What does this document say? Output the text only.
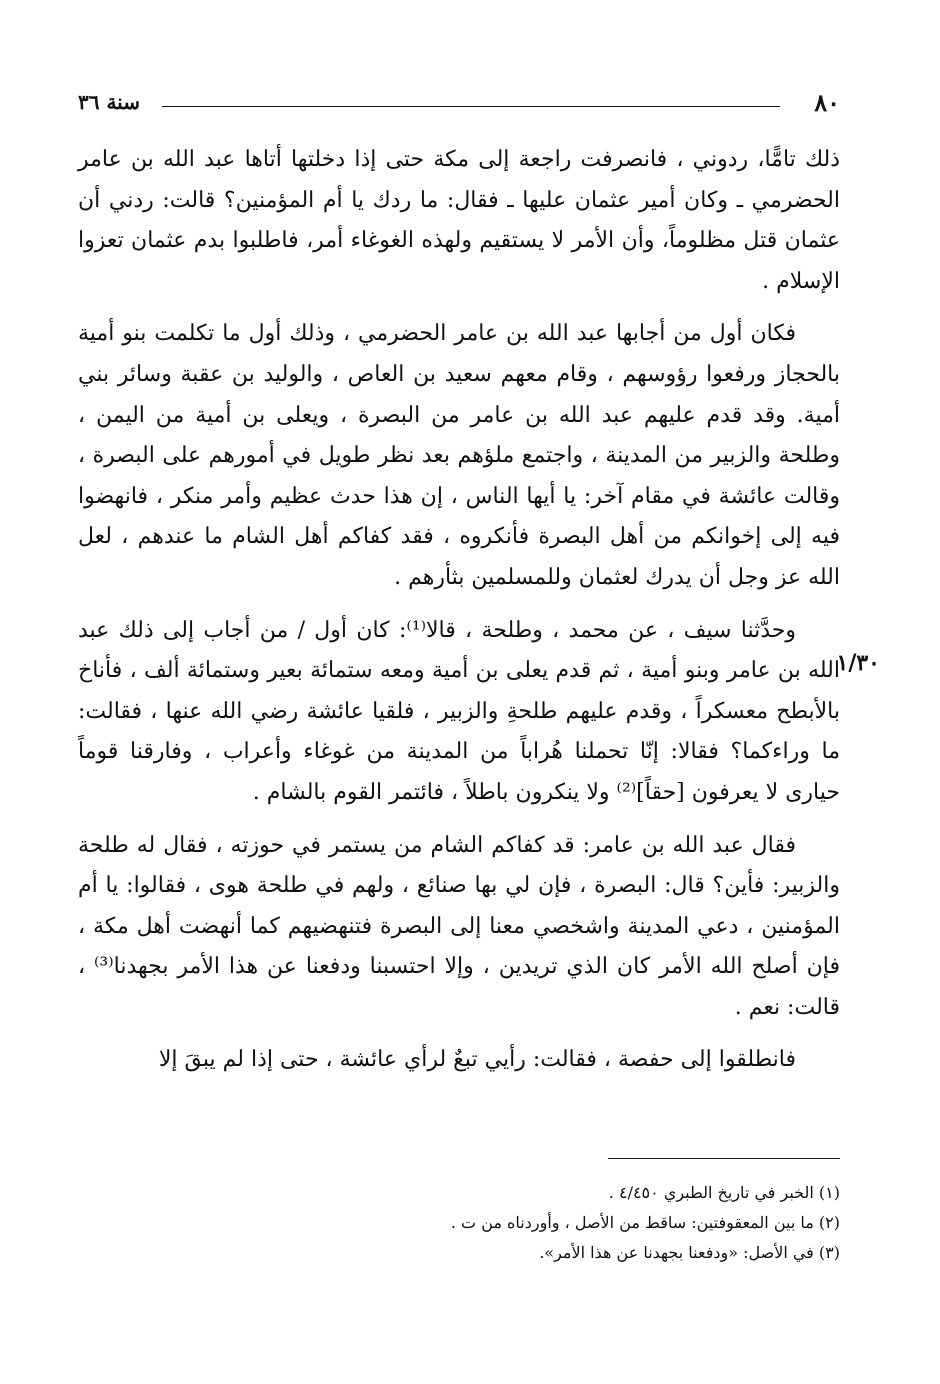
٨٠
سنة ٣٦
١/٣٠

ذلك تامًّا، ردوني ، فانصرفت راجعة إلى مكة حتى إذا دخلتها أتاها عبد الله بن عامر الحضرمي ـ وكان أمير عثمان عليها ـ فقال: ما ردك يا أم المؤمنين؟ قالت: ردني أن عثمان قتل مظلوماً، وأن الأمر لا يستقيم ولهذه الغوغاء أمر، فاطلبوا بدم عثمان تعزوا الإسلام .

فكان أول من أجابها عبد الله بن عامر الحضرمي ، وذلك أول ما تكلمت بنو أمية بالحجاز ورفعوا رؤوسهم ، وقام معهم سعيد بن العاص ، والوليد بن عقبة وسائر بني أمية. وقد قدم عليهم عبد الله بن عامر من البصرة ، ويعلى بن أمية من اليمن ، وطلحة والزبير من المدينة ، واجتمع ملؤهم بعد نظر طويل في أمورهم على البصرة ، وقالت عائشة في مقام آخر: يا أيها الناس ، إن هذا حدث عظيم وأمر منكر ، فانهضوا فيه إلى إخوانكم من أهل البصرة فأنكروه ، فقد كفاكم أهل الشام ما عندهم ، لعل الله عز وجل أن يدرك لعثمان وللمسلمين بثأرهم .

وحدَّثنا سيف ، عن محمد ، وطلحة ، قالا⁽¹⁾: كان أول / من أجاب إلى ذلك عبد الله بن عامر وبنو أمية ، ثم قدم يعلى بن أمية ومعه ستمائة بعير وستمائة ألف ، فأناخ بالأبطح معسكراً ، وقدم عليهم طلحةِ والزبير ، فلقيا عائشة رضي الله عنها ، فقالت: ما وراءكما؟ فقالا: إنّا تحملنا هُراباً من المدينة من غوغاء وأعراب ، وفارقنا قوماً حيارى لا يعرفون [حقاً]⁽²⁾ ولا ينكرون باطلاً ، فائتمر القوم بالشام .

فقال عبد الله بن عامر: قد كفاكم الشام من يستمر في حوزته ، فقال له طلحة والزبير: فأين؟ قال: البصرة ، فإن لي بها صنائع ، ولهم في طلحة هوى ، فقالوا: يا أم المؤمنين ، دعي المدينة واشخصي معنا إلى البصرة فتنهضيهم كما أنهضت أهل مكة ، فإن أصلح الله الأمر كان الذي تريدين ، وإلا احتسبنا ودفعنا عن هذا الأمر بجهدنا⁽³⁾ ، قالت: نعم .

فانطلقوا إلى حفصة ، فقالت: رأيي تبعٌ لرأي عائشة ، حتى إذا لم يبقَ إلا

(١) الخبر في تاريخ الطبري ٤/٤٥٠ .
(٢) ما بين المعقوفتين: ساقط من الأصل ، وأوردناه من ت .
(٣) في الأصل: «ودفعنا بجهدنا عن هذا الأمر».
